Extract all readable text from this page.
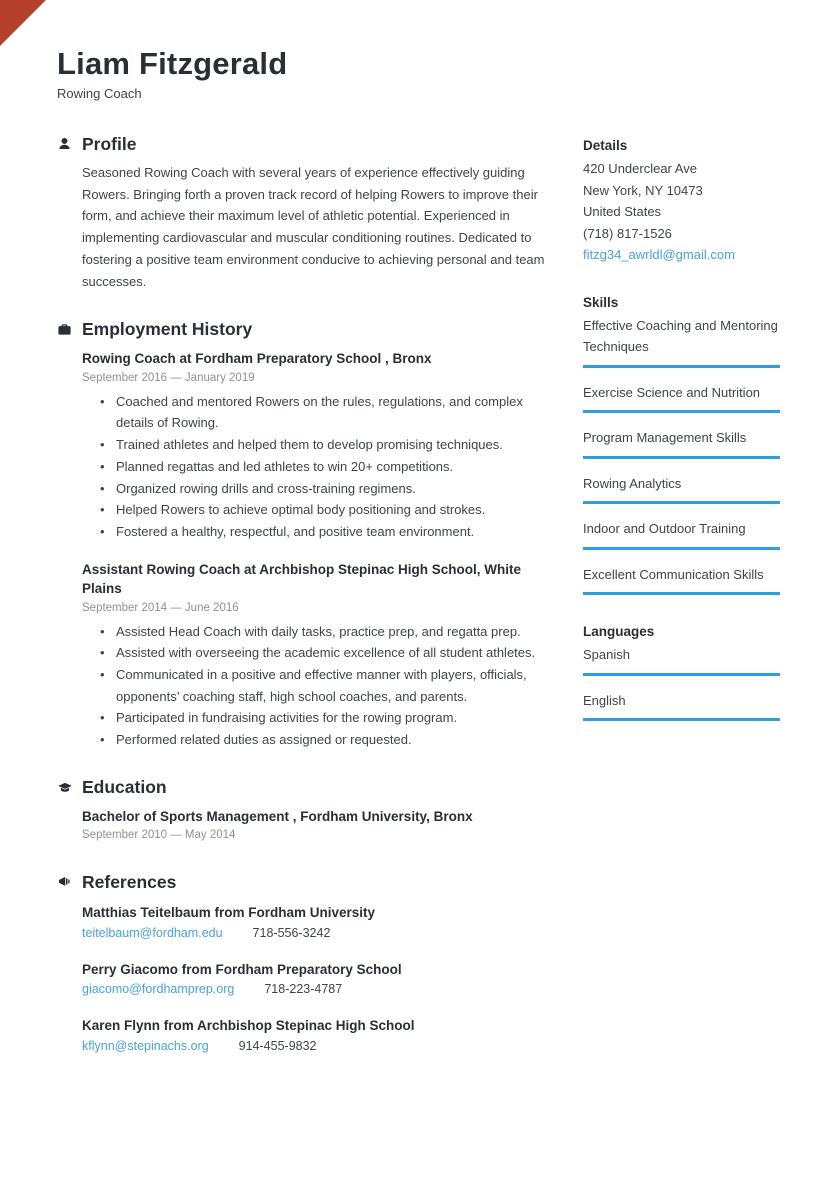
Liam Fitzgerald
Rowing Coach
Profile

Seasoned Rowing Coach with several years of experience effectively guiding Rowers. Bringing forth a proven track record of helping Rowers to improve their form, and achieve their maximum level of athletic potential. Experienced in implementing cardiovascular and muscular conditioning routines. Dedicated to fostering a positive team environment conducive to achieving personal and team successes.

Employment History
Rowing Coach at Fordham Preparatory School , Bronx
September 2016 — January 2019
• Coached and mentored Rowers on the rules, regulations, and complex details of Rowing.
• Trained athletes and helped them to develop promising techniques.
• Planned regattas and led athletes to win 20+ competitions.
• Organized rowing drills and cross-training regimens.
• Helped Rowers to achieve optimal body positioning and strokes.
• Fostered a healthy, respectful, and positive team environment.
Assistant Rowing Coach at Archbishop Stepinac High School, White Plains
September 2014 — June 2016
• Assisted Head Coach with daily tasks, practice prep, and regatta prep.
• Assisted with overseeing the academic excellence of all student athletes.
• Communicated in a positive and effective manner with players, officials, opponents’ coaching staff, high school coaches, and parents.
• Participated in fundraising activities for the rowing program.
• Performed related duties as assigned or requested.
Education
Bachelor of Sports Management , Fordham University, Bronx
September 2010 — May 2014
References
Matthias Teitelbaum from Fordham University
teitelbaum@fordham.edu 718-556-3242
Perry Giacomo from Fordham Preparatory School
giacomo@fordhamprep.org 718-223-4787
Karen Flynn from Archbishop Stepinac High School
kflynn@stepinachs.org 914-455-9832
Details
420 Underclear Ave
New York, NY 10473
United States
(718) 817-1526
fitzg34_awrldl@gmail.com
Skills
Effective Coaching and Mentoring Techniques
Exercise Science and Nutrition
Program Management Skills
Rowing Analytics
Indoor and Outdoor Training
Excellent Communication Skills
Languages
Spanish
English
